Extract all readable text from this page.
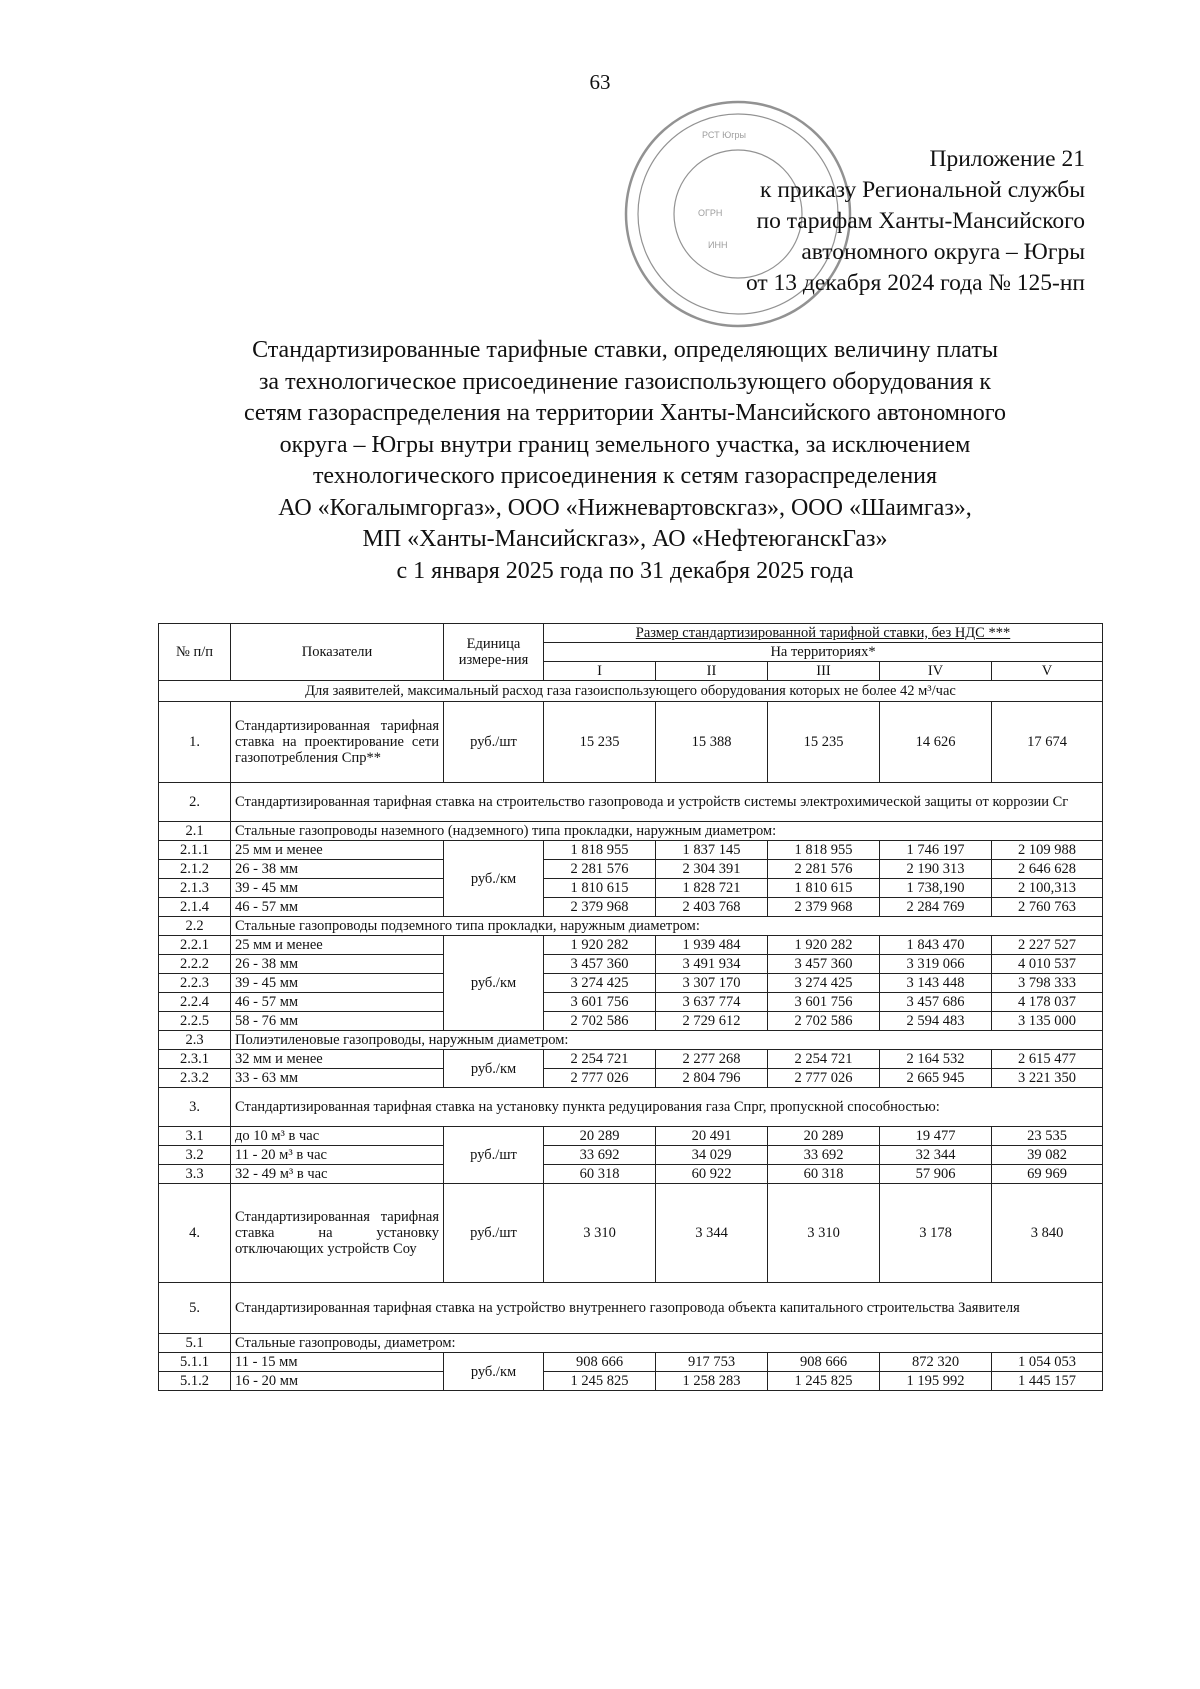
63
РСТ Югры
ОГРН
ИНН
Приложение 21
к приказу Региональной службы
по тарифам Ханты-Мансийского
автономного округа – Югры
от 13 декабря 2024 года № 125-нп
Стандартизированные тарифные ставки, определяющих величину платы
за технологическое присоединение газоиспользующего оборудования к
сетям газораспределения на территории Ханты-Мансийского автономного
округа – Югры внутри границ земельного участка, за исключением
технологического присоединения к сетям газораспределения
АО «Когалымгоргаз», ООО «Нижневартовскгаз», ООО «Шаимгаз»,
МП «Ханты-Мансийскгаз», АО «НефтеюганскГаз»
с 1 января 2025 года по 31 декабря 2025 года
№ п/п	Показатели	Единица измере-ния	Размер стандартизированной тарифной ставки, без НДС ***				
			На территориях*				
			I	II	III	IV	V
Для заявителей, максимальный расход газа газоиспользующего оборудования которых не более 42 м³/час							
1.	Стандартизированная тарифная ставка на проектирование сети газопотребления Cпр**	руб./шт	15 235	15 388	15 235	14 626	17 674
2.	Стандартизированная тарифная ставка на строительство газопровода и устройств системы электрохимической защиты от коррозии Cг						
2.1	Стальные газопроводы наземного (надземного) типа прокладки, наружным диаметром:						
2.1.1	25 мм и менее	руб./км	1 818 955	1 837 145	1 818 955	1 746 197	2 109 988
2.1.2	26 - 38 мм		2 281 576	2 304 391	2 281 576	2 190 313	2 646 628
2.1.3	39 - 45 мм		1 810 615	1 828 721	1 810 615	1 738,190	2 100,313
2.1.4	46 - 57 мм		2 379 968	2 403 768	2 379 968	2 284 769	2 760 763
2.2	Стальные газопроводы подземного типа прокладки, наружным диаметром:						
2.2.1	25 мм и менее	руб./км	1 920 282	1 939 484	1 920 282	1 843 470	2 227 527
2.2.2	26 - 38 мм		3 457 360	3 491 934	3 457 360	3 319 066	4 010 537
2.2.3	39 - 45 мм		3 274 425	3 307 170	3 274 425	3 143 448	3 798 333
2.2.4	46 - 57 мм		3 601 756	3 637 774	3 601 756	3 457 686	4 178 037
2.2.5	58 - 76 мм		2 702 586	2 729 612	2 702 586	2 594 483	3 135 000
2.3	Полиэтиленовые газопроводы, наружным диаметром:						
2.3.1	32 мм и менее	руб./км	2 254 721	2 277 268	2 254 721	2 164 532	2 615 477
2.3.2	33 - 63 мм		2 777 026	2 804 796	2 777 026	2 665 945	3 221 350
3.	Стандартизированная тарифная ставка на установку пункта редуцирования газа Cпрг, пропускной способностью:						
3.1	до 10 м³ в час	руб./шт	20 289	20 491	20 289	19 477	23 535
3.2	11 - 20 м³ в час		33 692	34 029	33 692	32 344	39 082
3.3	32 - 49 м³ в час		60 318	60 922	60 318	57 906	69 969
4.	Стандартизированная тарифная ставка на установку отключающих устройств Cоу	руб./шт	3 310	3 344	3 310	3 178	3 840
5.	Стандартизированная тарифная ставка на устройство внутреннего газопровода объекта капитального строительства Заявителя						
5.1	Стальные газопроводы, диаметром:						
5.1.1	11 - 15 мм	руб./км	908 666	917 753	908 666	872 320	1 054 053
5.1.2	16 - 20 мм		1 245 825	1 258 283	1 245 825	1 195 992	1 445 157
